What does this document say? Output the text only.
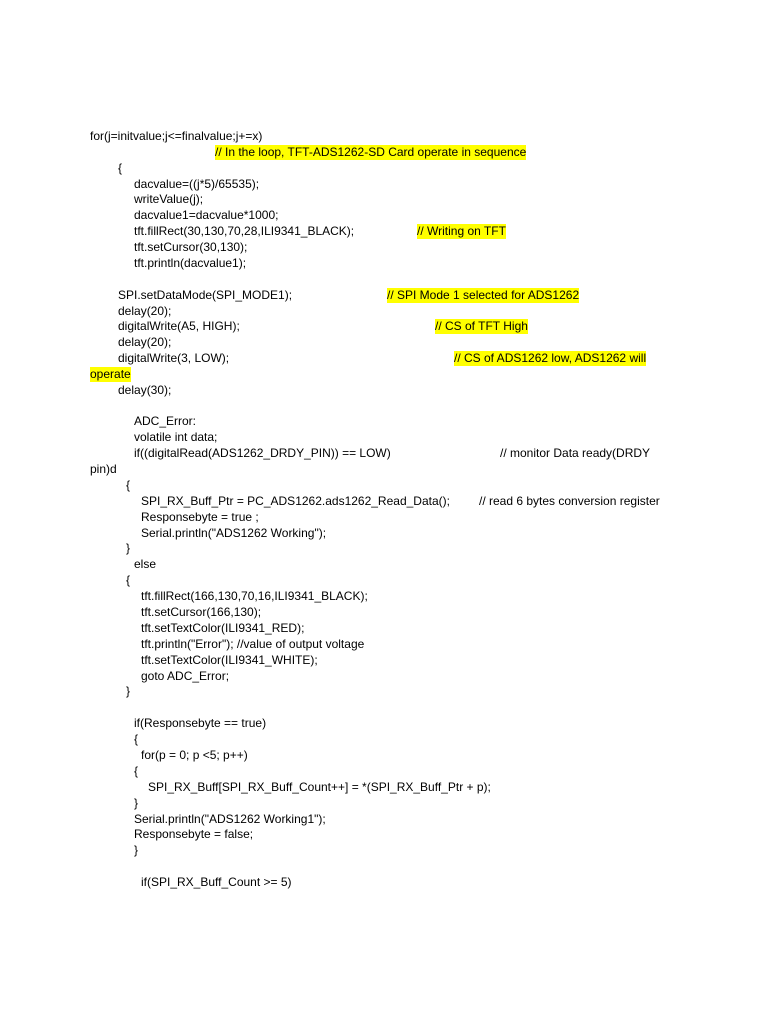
for(j=initvalue;j<=finalvalue;j+=x)
// In the loop, TFT-ADS1262-SD Card operate in sequence
{
dacvalue=((j*5)/65535);
writeValue(j);
dacvalue1=dacvalue*1000;
tft.fillRect(30,130,70,28,ILI9341_BLACK);	// Writing on TFT
tft.setCursor(30,130);
tft.println(dacvalue1);
SPI.setDataMode(SPI_MODE1);	// SPI Mode 1 selected for ADS1262
delay(20);
digitalWrite(A5, HIGH);	// CS of TFT High
delay(20);
digitalWrite(3, LOW);	// CS of ADS1262 low, ADS1262 will
operate
delay(30);
ADC_Error:
volatile int data;
if((digitalRead(ADS1262_DRDY_PIN)) == LOW)	// monitor Data ready(DRDY
pin)d
{
SPI_RX_Buff_Ptr = PC_ADS1262.ads1262_Read_Data(); // read 6 bytes conversion register
Responsebyte = true ;
Serial.println("ADS1262 Working");
}
else
{
tft.fillRect(166,130,70,16,ILI9341_BLACK);
tft.setCursor(166,130);
tft.setTextColor(ILI9341_RED);
tft.println("Error"); //value of output voltage
tft.setTextColor(ILI9341_WHITE);
goto ADC_Error;
}
if(Responsebyte == true)
{
for(p = 0; p <5; p++)
{
SPI_RX_Buff[SPI_RX_Buff_Count++] = *(SPI_RX_Buff_Ptr + p);
}
Serial.println("ADS1262 Working1");
Responsebyte = false;
}
if(SPI_RX_Buff_Count >= 5)
